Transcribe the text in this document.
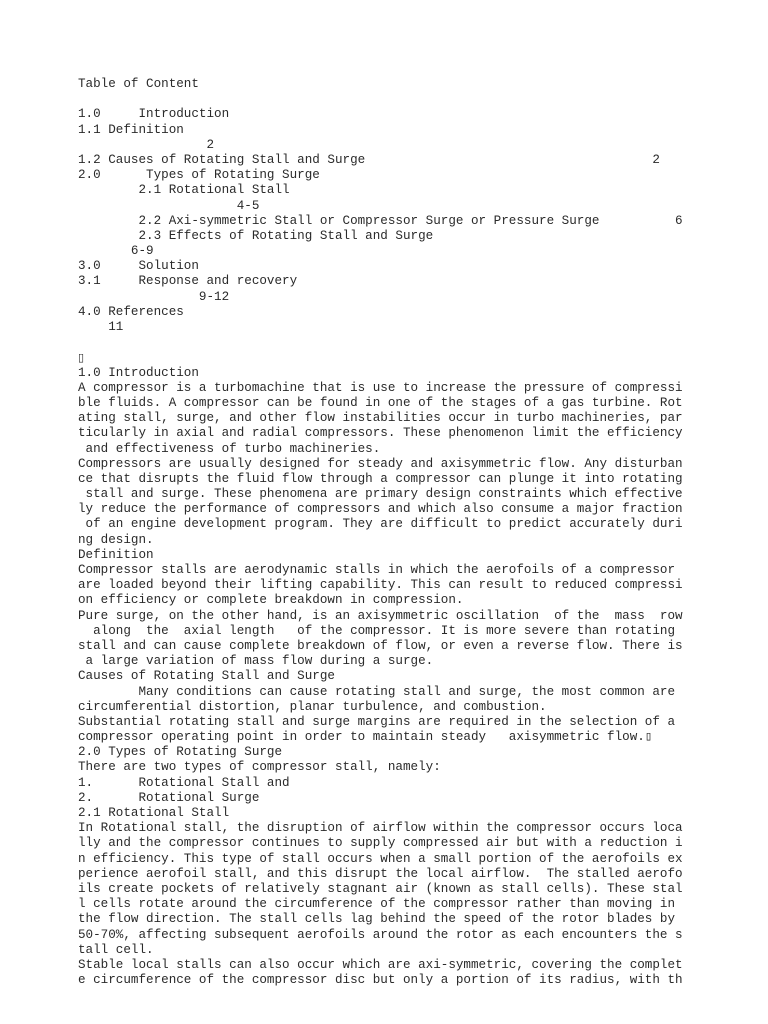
Table of Content
1.0     Introduction
1.1 Definition
2
1.2 Causes of Rotating Stall and Surge                                      2
2.0      Types of Rotating Surge
2.1 Rotational Stall
4-5
2.2 Axi-symmetric Stall or Compressor Surge or Pressure Surge          6
2.3 Effects of Rotating Stall and Surge
6-9
3.0     Solution
3.1     Response and recovery
9-12
4.0 References
11
▯
1.0 Introduction
A compressor is a turbomachine that is use to increase the pressure of compressi
ble fluids. A compressor can be found in one of the stages of a gas turbine. Rot
ating stall, surge, and other flow instabilities occur in turbo machineries, par
ticularly in axial and radial compressors. These phenomenon limit the efficiency
and effectiveness of turbo machineries.
Compressors are usually designed for steady and axisymmetric flow. Any disturban
ce that disrupts the fluid flow through a compressor can plunge it into rotating
stall and surge. These phenomena are primary design constraints which effective
ly reduce the performance of compressors and which also consume a major fraction
of an engine development program. They are difficult to predict accurately duri
ng design.
Definition
Compressor stalls are aerodynamic stalls in which the aerofoils of a compressor
are loaded beyond their lifting capability. This can result to reduced compressi
on efficiency or complete breakdown in compression.
Pure surge, on the other hand, is an axisymmetric oscillation  of the  mass  row
along  the  axial length   of the compressor. It is more severe than rotating
stall and can cause complete breakdown of flow, or even a reverse flow. There is
a large variation of mass flow during a surge.
Causes of Rotating Stall and Surge
Many conditions can cause rotating stall and surge, the most common are
circumferential distortion, planar turbulence, and combustion.
Substantial rotating stall and surge margins are required in the selection of a
compressor operating point in order to maintain steady   axisymmetric flow.▯
2.0 Types of Rotating Surge
There are two types of compressor stall, namely:
1.      Rotational Stall and
2.      Rotational Surge
2.1 Rotational Stall
In Rotational stall, the disruption of airflow within the compressor occurs loca
lly and the compressor continues to supply compressed air but with a reduction i
n efficiency. This type of stall occurs when a small portion of the aerofoils ex
perience aerofoil stall, and this disrupt the local airflow.  The stalled aerofo
ils create pockets of relatively stagnant air (known as stall cells). These stal
l cells rotate around the circumference of the compressor rather than moving in
the flow direction. The stall cells lag behind the speed of the rotor blades by
50-70%, affecting subsequent aerofoils around the rotor as each encounters the s
tall cell.
Stable local stalls can also occur which are axi-symmetric, covering the complet
e circumference of the compressor disc but only a portion of its radius, with th
